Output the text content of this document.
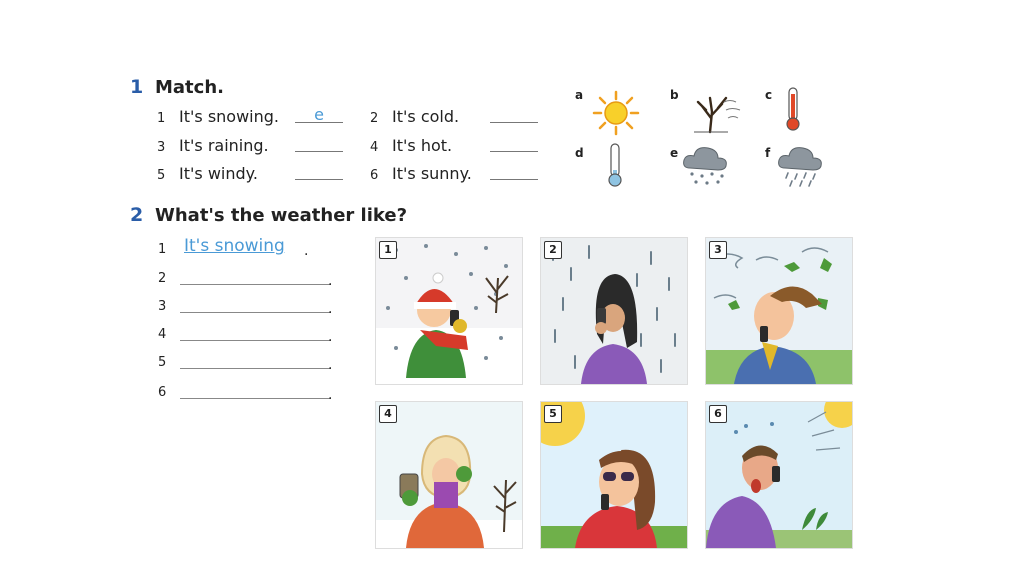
1 Match.
1 It's snowing.	e	2 It's cold.
3 It's raining.	4 It's hot.
5 It's windy.	6 It's sunny.
a	b	c
d	e	f
2 What's the weather like?
1 It's snowing .
2	.
3	.
4	.
5	.
6	.
1	2	3
4	5	6
